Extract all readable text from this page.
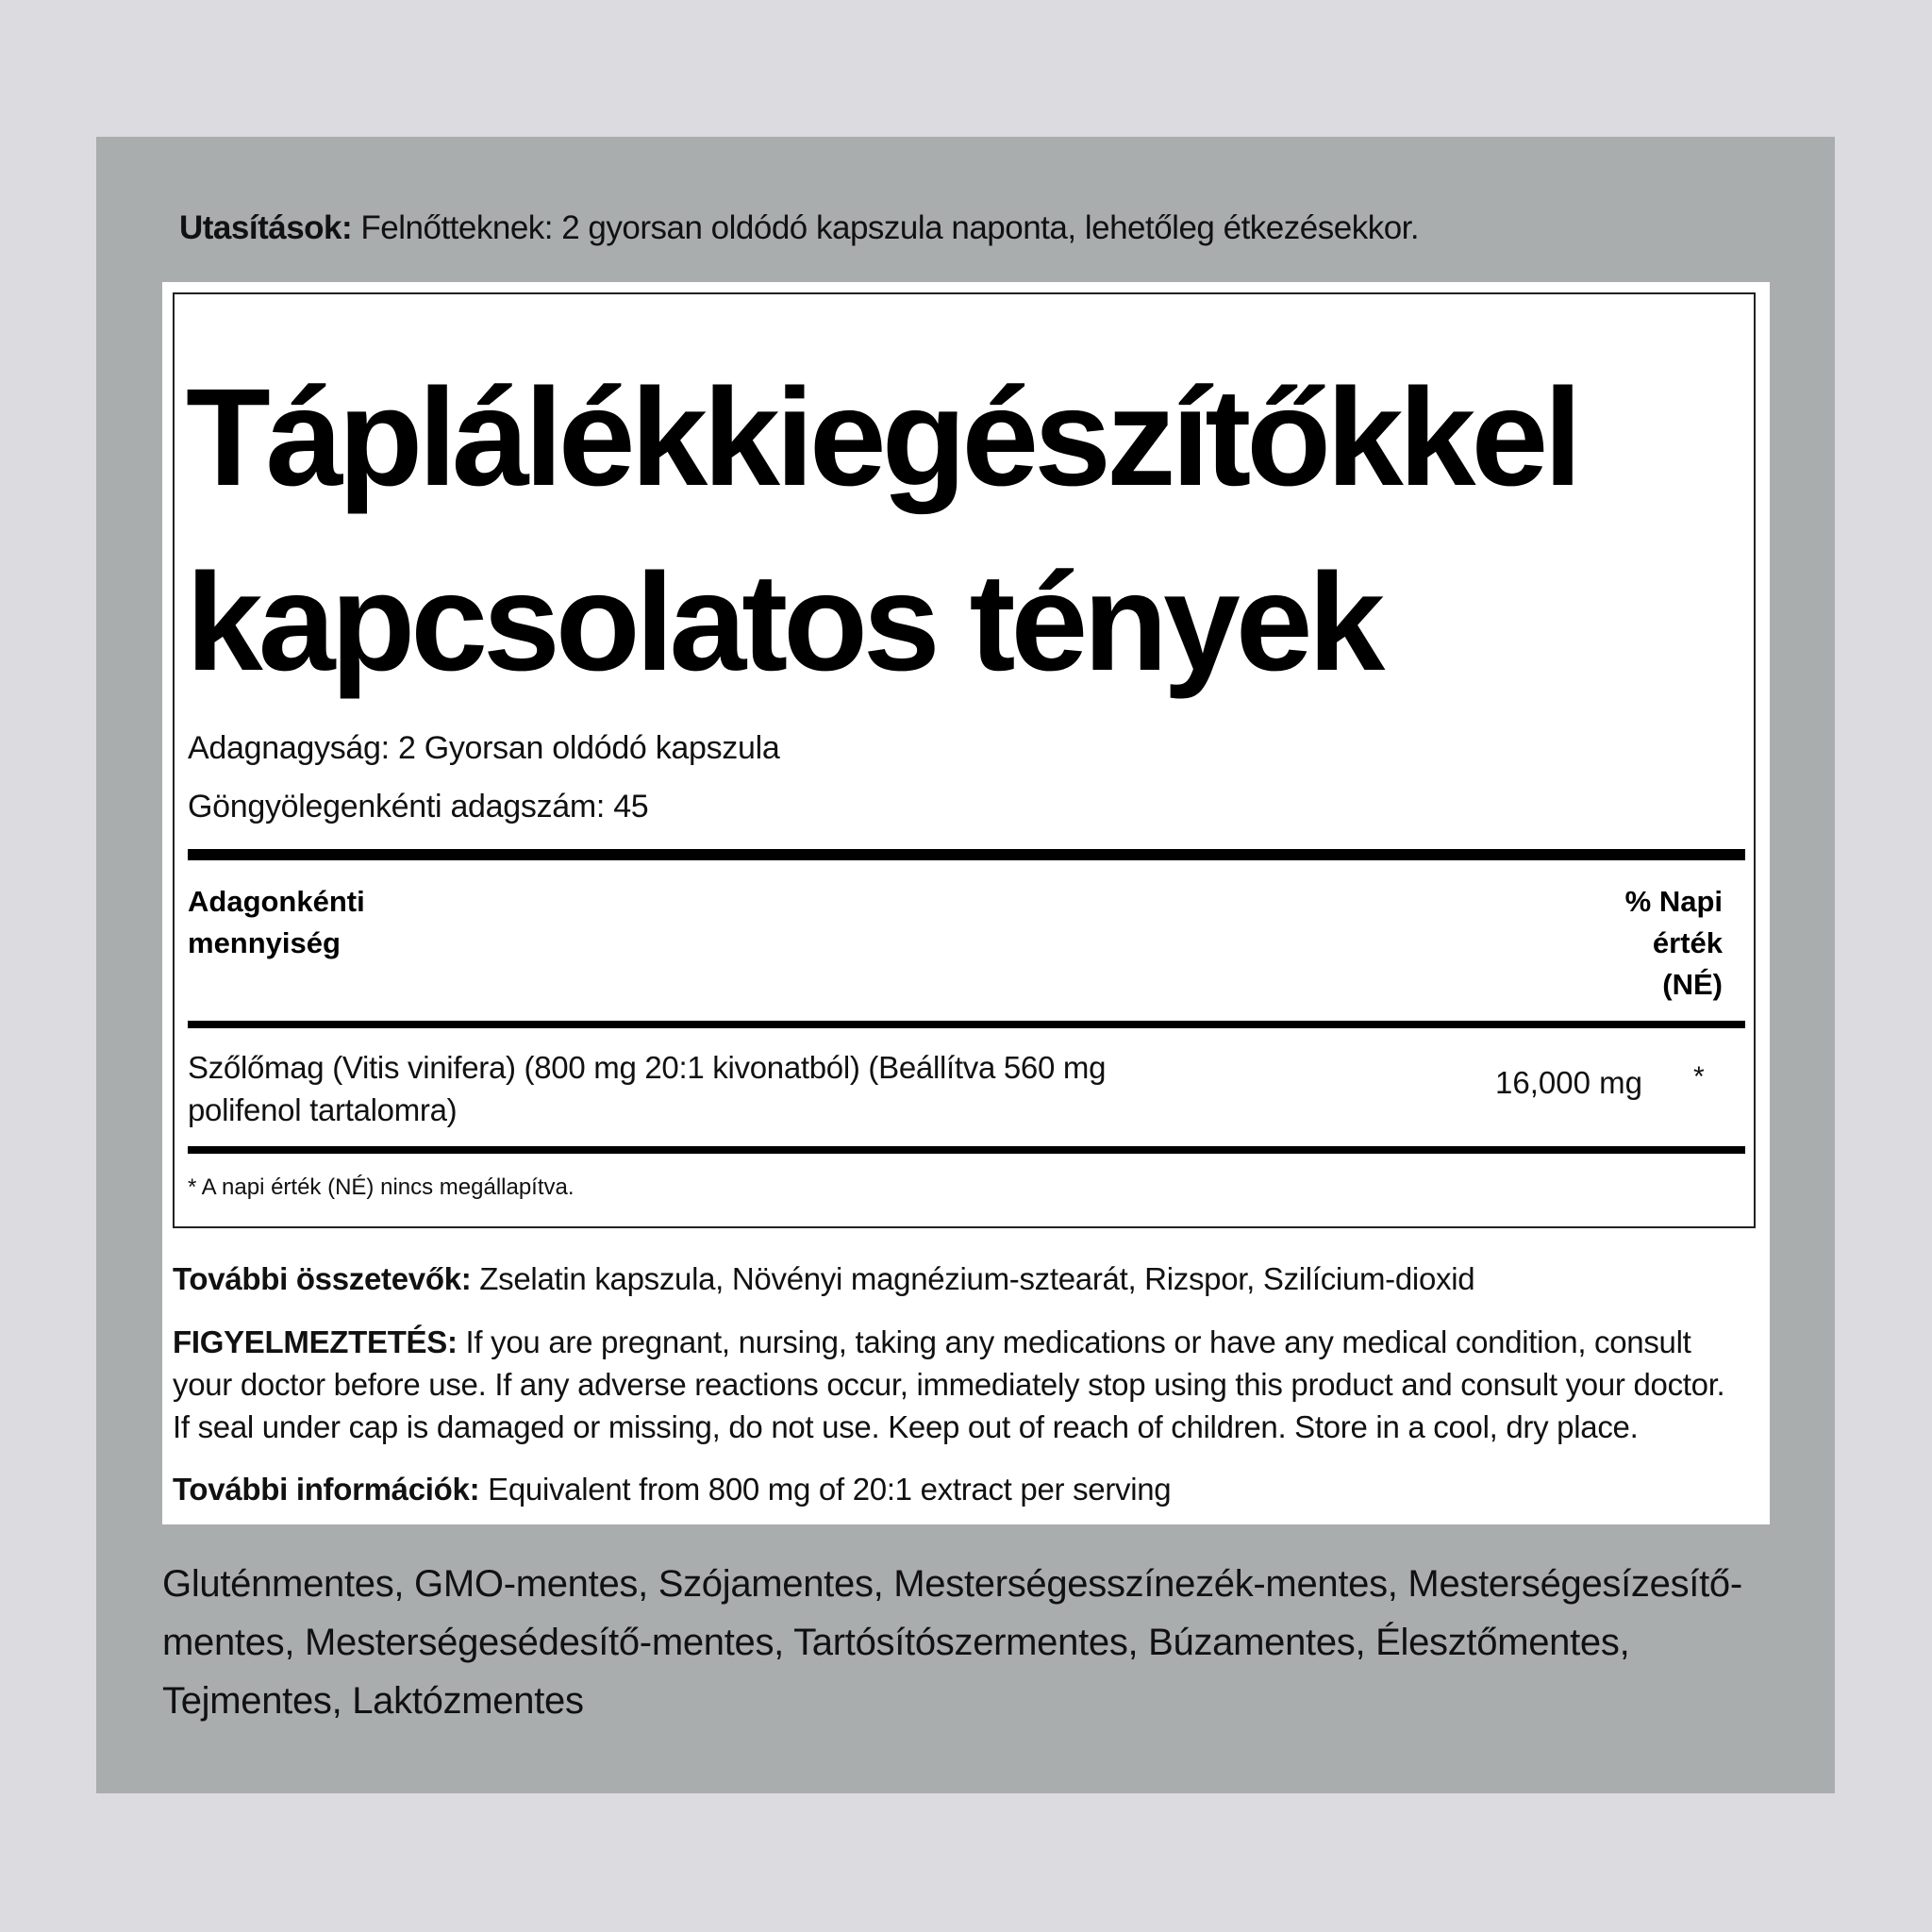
Utasítások: Felnőtteknek: 2 gyorsan oldódó kapszula naponta, lehetőleg étkezésekkor.
Táplálékkiegészítőkkel
kapcsolatos tények
Adagnagyság: 2 Gyorsan oldódó kapszula
Göngyölegenkénti adagszám: 45
Adagonkénti
mennyiség
% Napi
érték
(NÉ)
Szőlőmag (Vitis vinifera) (800 mg 20:1 kivonatból) (Beállítva 560 mg polifenol tartalomra)
16,000 mg *
* A napi érték (NÉ) nincs megállapítva.
További összetevők: Zselatin kapszula, Növényi magnézium-sztearát, Rizspor, Szilícium-dioxid
FIGYELMEZTETÉS: If you are pregnant, nursing, taking any medications or have any medical condition, consult your doctor before use. If any adverse reactions occur, immediately stop using this product and consult your doctor. If seal under cap is damaged or missing, do not use. Keep out of reach of children. Store in a cool, dry place.
További információk: Equivalent from 800 mg of 20:1 extract per serving
Gluténmentes, GMO-mentes, Szójamentes, Mesterségesszínezék-mentes, Mesterségesízesítő-mentes, Mesterségesédesítő-mentes, Tartósítószermentes, Búzamentes, Élesztőmentes, Tejmentes, Laktózmentes
